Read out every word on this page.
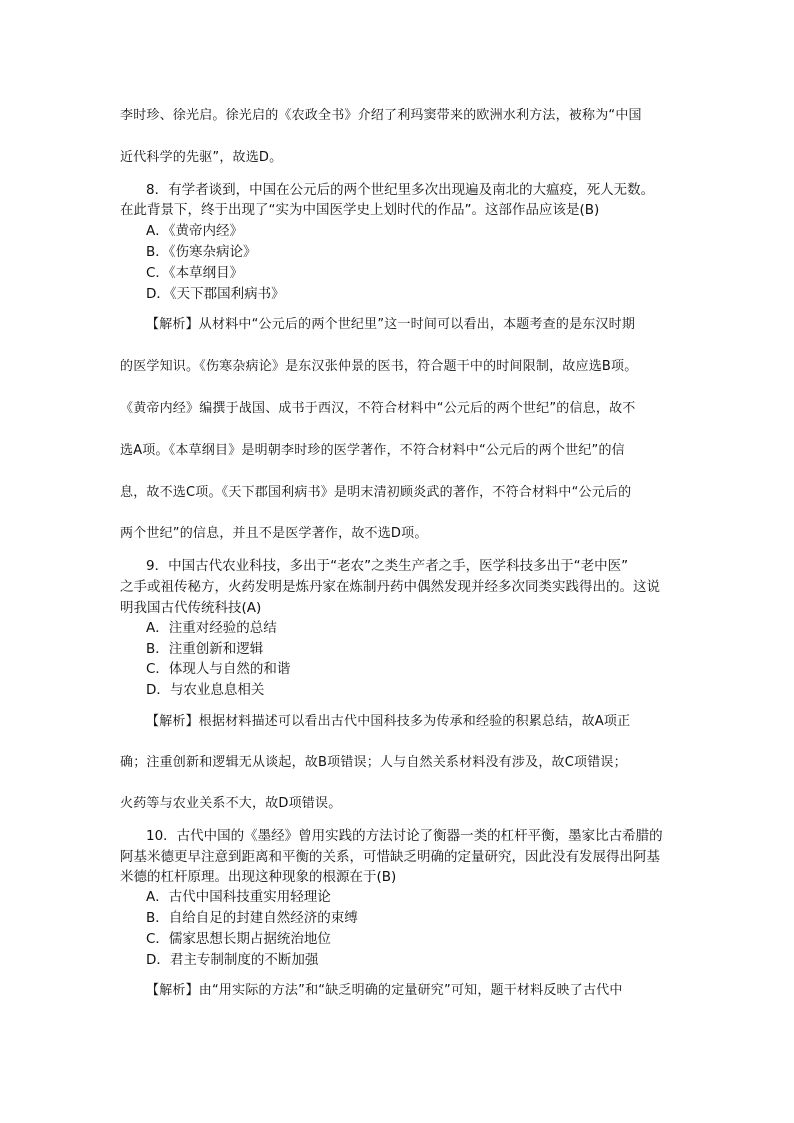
李时珍、徐光启。徐光启的《农政全书》介绍了利玛窦带来的欧洲水利方法，被称为“中国
近代科学的先驱”，故选D。
8．有学者谈到，中国在公元后的两个世纪里多次出现遍及南北的大瘟疫，死人无数。
在此背景下，终于出现了“实为中国医学史上划时代的作品”。这部作品应该是(B)
A．《黄帝内经》
B．《伤寒杂病论》
C．《本草纲目》
D．《天下郡国利病书》
【解析】从材料中“公元后的两个世纪里”这一时间可以看出，本题考查的是东汉时期
的医学知识。《伤寒杂病论》是东汉张仲景的医书，符合题干中的时间限制，故应选B项。
《黄帝内经》编撰于战国、成书于西汉，不符合材料中“公元后的两个世纪”的信息，故不
选A项。《本草纲目》是明朝李时珍的医学著作，不符合材料中“公元后的两个世纪”的信
息，故不选C项。《天下郡国利病书》是明末清初顾炎武的著作，不符合材料中“公元后的
两个世纪”的信息，并且不是医学著作，故不选D项。
9．中国古代农业科技，多出于“老农”之类生产者之手，医学科技多出于“老中医”
之手或祖传秘方，火药发明是炼丹家在炼制丹药中偶然发现并经多次同类实践得出的。这说
明我国古代传统科技(A)
A．注重对经验的总结
B．注重创新和逻辑
C．体现人与自然的和谐
D．与农业息息相关
【解析】根据材料描述可以看出古代中国科技多为传承和经验的积累总结，故A项正
确；注重创新和逻辑无从谈起，故B项错误；人与自然关系材料没有涉及，故C项错误；
火药等与农业关系不大，故D项错误。
10．古代中国的《墨经》曾用实践的方法讨论了衡器一类的杠杆平衡，墨家比古希腊的
阿基米德更早注意到距离和平衡的关系，可惜缺乏明确的定量研究，因此没有发展得出阿基
米德的杠杆原理。出现这种现象的根源在于(B)
A．古代中国科技重实用轻理论
B．自给自足的封建自然经济的束缚
C．儒家思想长期占据统治地位
D．君主专制制度的不断加强
【解析】由“用实际的方法”和“缺乏明确的定量研究”可知，题干材料反映了古代中
